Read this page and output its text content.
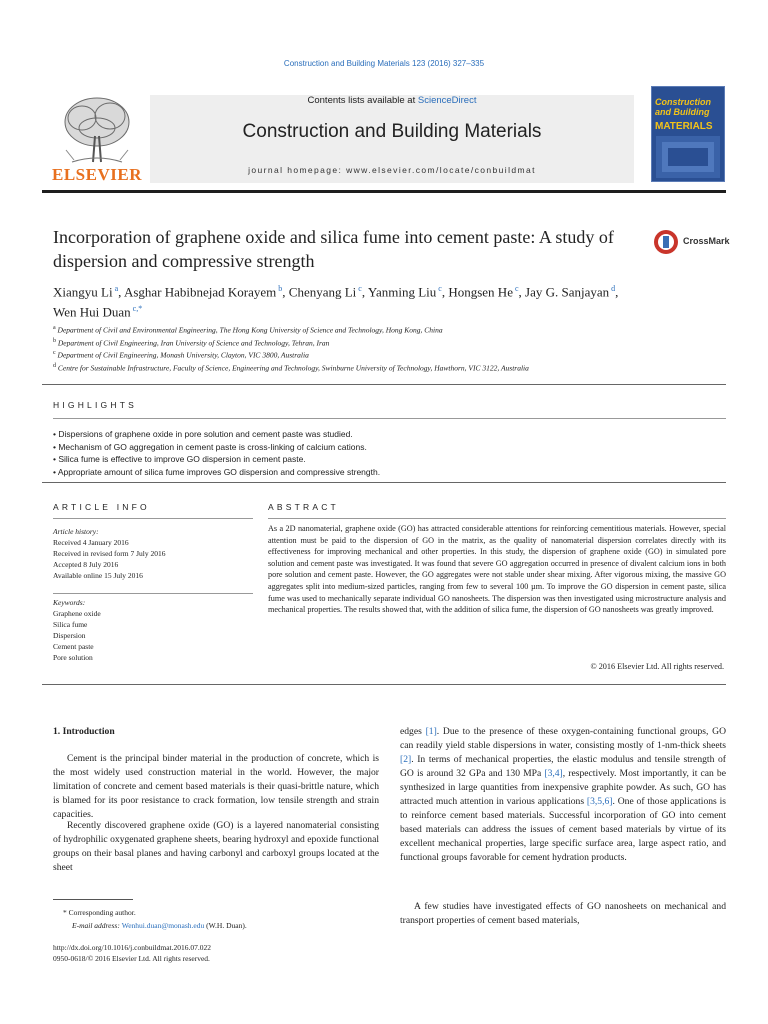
Construction and Building Materials 123 (2016) 327–335
ELSEVIER
Contents lists available at ScienceDirect
Construction and Building Materials
journal homepage: www.elsevier.com/locate/conbuildmat
Construction
and Building
MATERIALS
Incorporation of graphene oxide and silica fume into cement paste: A study of dispersion and compressive strength
CrossMark
Xiangyu Li $^a$, Asghar Habibnejad Korayem $^b$, Chenyang Li $^c$, Yanming Liu $^c$, Hongsen He $^c$, Jay G. Sanjayan $^d$,
Wen Hui Duan $^{c,*}$
$^a$ Department of Civil and Environmental Engineering, The Hong Kong University of Science and Technology, Hong Kong, China
$^b$ Department of Civil Engineering, Iran University of Science and Technology, Tehran, Iran
$^c$ Department of Civil Engineering, Monash University, Clayton, VIC 3800, Australia
$^d$ Centre for Sustainable Infrastructure, Faculty of Science, Engineering and Technology, Swinburne University of Technology, Hawthorn, VIC 3122, Australia
HIGHLIGHTS
• Dispersions of graphene oxide in pore solution and cement paste was studied.
• Mechanism of GO aggregation in cement paste is cross-linking of calcium cations.
• Silica fume is effective to improve GO dispersion in cement paste.
• Appropriate amount of silica fume improves GO dispersion and compressive strength.
ARTICLE INFO
Article history:
Received 4 January 2016
Received in revised form 7 July 2016
Accepted 8 July 2016
Available online 15 July 2016
Keywords:
Graphene oxide
Silica fume
Dispersion
Cement paste
Pore solution
ABSTRACT
As a 2D nanomaterial, graphene oxide (GO) has attracted considerable attentions for reinforcing cementitious materials. However, special attention must be paid to the dispersion of GO in the matrix, as the quality of nanomaterial dispersion correlates directly with its effectiveness for improving mechanical and other properties. In this study, the dispersion of graphene oxide (GO) in simulated pore solution and cement paste was investigated. It was found that severe GO aggregation occurred in presence of divalent calcium ions in both pore solution and cement paste. However, the GO aggregates were not stable under shear mixing. After vigorous mixing, the massive GO aggregates split into medium-sized particles, ranging from few to several 100 µm. To improve the GO dispersion in cement paste, silica fume was used to mechanically separate individual GO nanosheets. The dispersion was then investigated using microstructure analysis and mechanical properties. The results showed that, with the addition of silica fume, the dispersion of GO nanosheets was greatly improved.
© 2016 Elsevier Ltd. All rights reserved.
1. Introduction
Cement is the principal binder material in the production of concrete, which is the most widely used construction material in the world. However, the major limitation of concrete and cement based materials is their quasi-brittle nature, which is blamed for its poor resistance to crack formation, low tensile strength and strain capacities.
Recently discovered graphene oxide (GO) is a layered nanomaterial consisting of hydrophilic oxygenated graphene sheets, bearing hydroxyl and epoxide functional groups on their basal planes and having carbonyl and carboxyl groups located at the sheet
* Corresponding author.
E-mail address: Wenhui.duan@monash.edu (W.H. Duan).
http://dx.doi.org/10.1016/j.conbuildmat.2016.07.022
0950-0618/© 2016 Elsevier Ltd. All rights reserved.
edges [1]. Due to the presence of these oxygen-containing functional groups, GO can readily yield stable dispersions in water, consisting mostly of 1-nm-thick sheets [2]. In terms of mechanical properties, the elastic modulus and tensile strength of GO is around 32 GPa and 130 MPa [3,4], respectively. Most importantly, it can be synthesized in large quantities from inexpensive graphite powder. As such, GO has attracted much attention in various applications [3,5,6]. One of those applications is to reinforce cement based materials. Successful incorporation of GO into cement based materials can address the issues of cement based materials by virtue of its excellent mechanical properties, large specific surface area, large aspect ratio, and functional groups favorable for cement hydration products.
A few studies have investigated effects of GO nanosheets on mechanical and transport properties of cement based materials,
